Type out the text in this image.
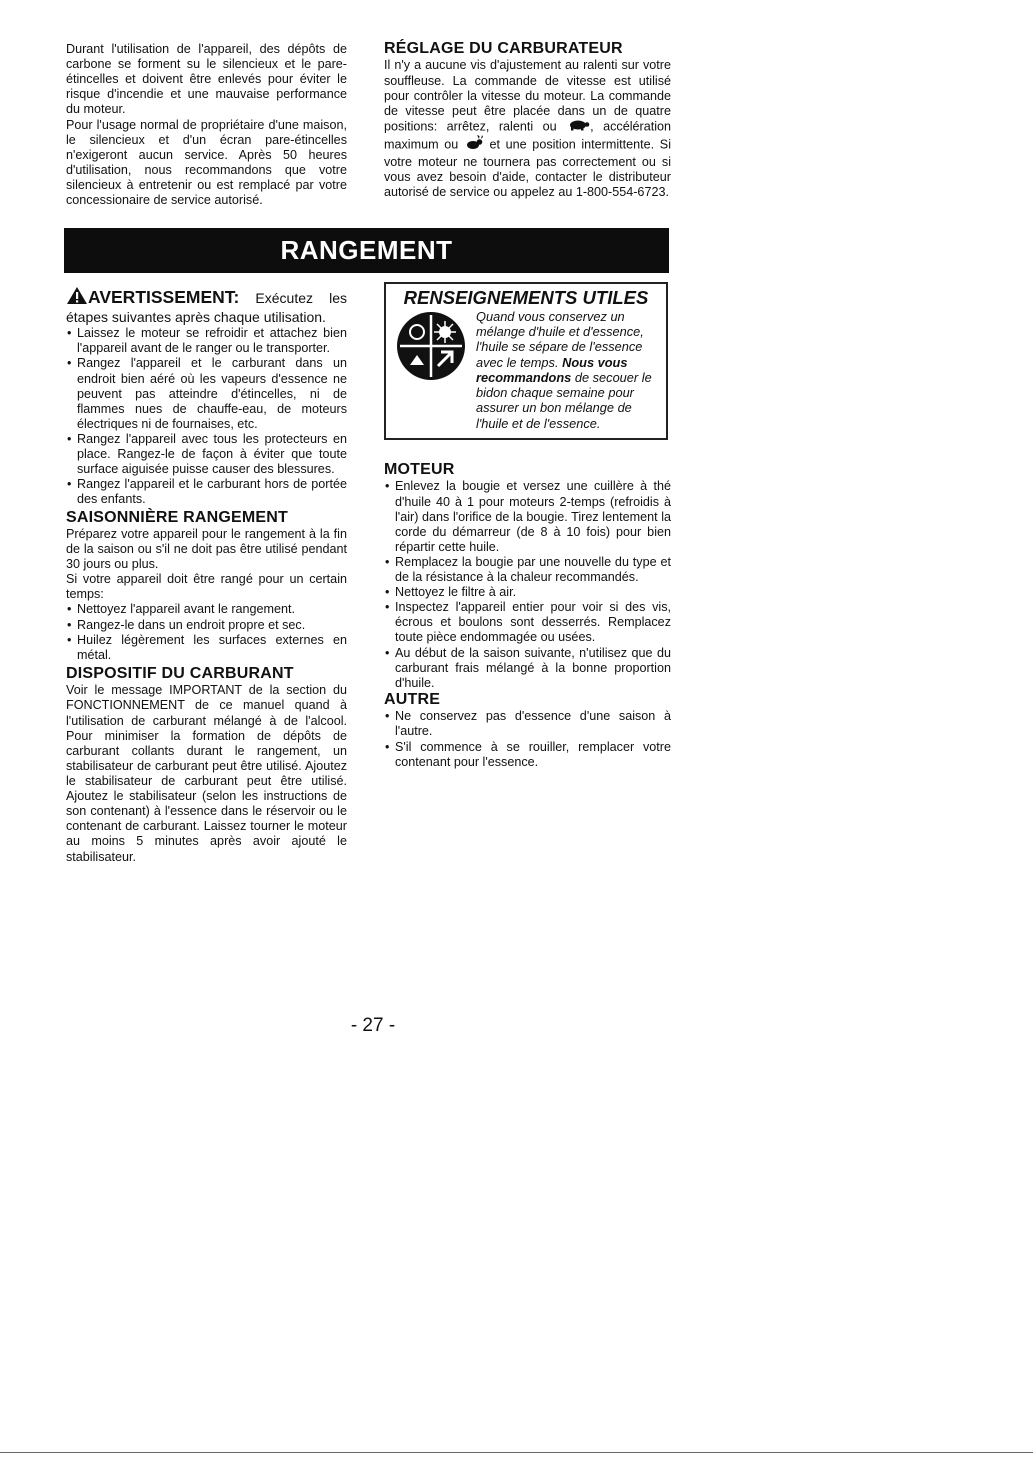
Durant l'utilisation de l'appareil, des dépôts de carbone se forment su le silencieux et le pare-étincelles et doivent être enlevés pour éviter le risque d'incendie et une mauvaise performance du moteur.

Pour l'usage normal de propriétaire d'une maison, le silencieux et d'un écran pare-étincelles n'exigeront aucun service. Après 50 heures d'utilisation, nous recommandons que votre silencieux à entretenir ou est remplacé par votre concessionaire de service autorisé.

RÉGLAGE DU CARBURATEUR

Il n'y a aucune vis d'ajustement au ralenti sur votre souffleuse. La commande de vitesse est utilisé pour contrôler la vitesse du moteur. La commande de vitesse peut être placée dans un de quatre positions: arrêtez, ralenti ou	, accélération maximum ou et une position intermittente. Si votre moteur ne tournera pas correctement ou si vous avez besoin d'aide, contacter le distributeur autorisé de service ou appelez au 1-800-554-6723.

RANGEMENT

AVERTISSEMENT: Exécutez les étapes suivantes après chaque utilisation.

• Laissez le moteur se refroidir et attachez bien l'appareil avant de le ranger ou le transporter.
• Rangez l'appareil et le carburant dans un endroit bien aéré où les vapeurs d'essence ne peuvent pas atteindre d'étincelles, ni de flammes nues de chauffe-eau, de moteurs électriques ni de fournaises, etc.
• Rangez l'appareil avec tous les protecteurs en place. Rangez-le de façon à éviter que toute surface aiguisée puisse causer des blessures.
• Rangez l'appareil et le carburant hors de portée des enfants.
SAISONNIÈRE RANGEMENT

Préparez votre appareil pour le rangement à la fin de la saison ou s'il ne doit pas être utilisé pendant 30 jours ou plus.

Si votre appareil doit être rangé pour un certain temps:

• Nettoyez l'appareil avant le rangement.
• Rangez-le dans un endroit propre et sec.
• Huilez légèrement les surfaces externes en métal.
DISPOSITIF DU CARBURANT

Voir le message IMPORTANT de la section du FONCTIONNEMENT de ce manuel quand à l'utilisation de carburant mélangé à de l'alcool. Pour minimiser la formation de dépôts de carburant collants durant le rangement, un stabilisateur de carburant peut être utilisé. Ajoutez le stabilisateur de carburant peut être utilisé. Ajoutez le stabilisateur (selon les instructions de son contenant) à l'essence dans le réservoir ou le contenant de carburant. Laissez tourner le moteur au moins 5 minutes après avoir ajouté le stabilisateur.

RENSEIGNEMENTS UTILES
Quand vous conservez un mélange d'huile et d'essence, l'huile se sépare de l'essence avec le temps. Nous vous recommandons de secouer le bidon chaque semaine pour assurer un bon mélange de l'huile et de l'essence.
MOTEUR
• Enlevez la bougie et versez une cuillère à thé d'huile 40 à 1 pour moteurs 2-temps (refroidis à l'air) dans l'orifice de la bougie. Tirez lentement la corde du démarreur (de 8 à 10 fois) pour bien répartir cette huile.
• Remplacez la bougie par une nouvelle du type et de la résistance à la chaleur recommandés.
• Nettoyez le filtre à air.
• Inspectez l'appareil entier pour voir si des vis, écrous et boulons sont desserrés. Remplacez toute pièce endommagée ou usées.
• Au début de la saison suivante, n'utilisez que du carburant frais mélangé à la bonne proportion d'huile.
AUTRE
• Ne conservez pas d'essence d'une saison à l'autre.
• S'il commence à se rouiller, remplacer votre contenant pour l'essence.
- 27 -
